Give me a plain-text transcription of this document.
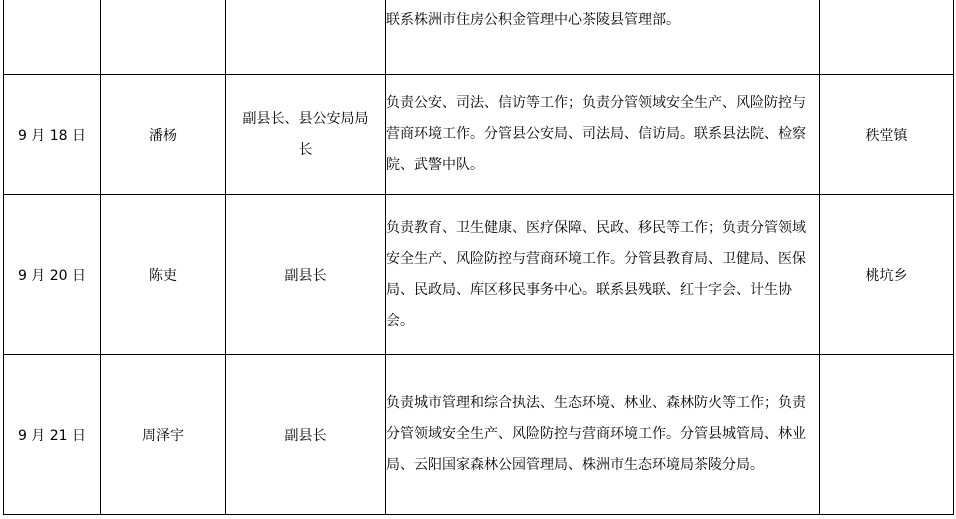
			联系株洲市住房公积金管理中心茶陵县管理部。	
9 月 18 日	潘杨	副县长、县公安局局长	负责公安、司法、信访等工作；负责分管领域安全生产、风险防控与营商环境工作。分管县公安局、司法局、信访局。联系县法院、检察院、武警中队。	秩堂镇
9 月 20 日	陈吏	副县长	负责教育、卫生健康、医疗保障、民政、移民等工作；负责分管领域安全生产、风险防控与营商环境工作。分管县教育局、卫健局、医保局、民政局、库区移民事务中心。联系县残联、红十字会、计生协会。	桃坑乡
9 月 21 日	周泽宇	副县长	负责城市管理和综合执法、生态环境、林业、森林防火等工作；负责分管领域安全生产、风险防控与营商环境工作。分管县城管局、林业局、云阳国家森林公园管理局、株洲市生态环境局茶陵分局。	
